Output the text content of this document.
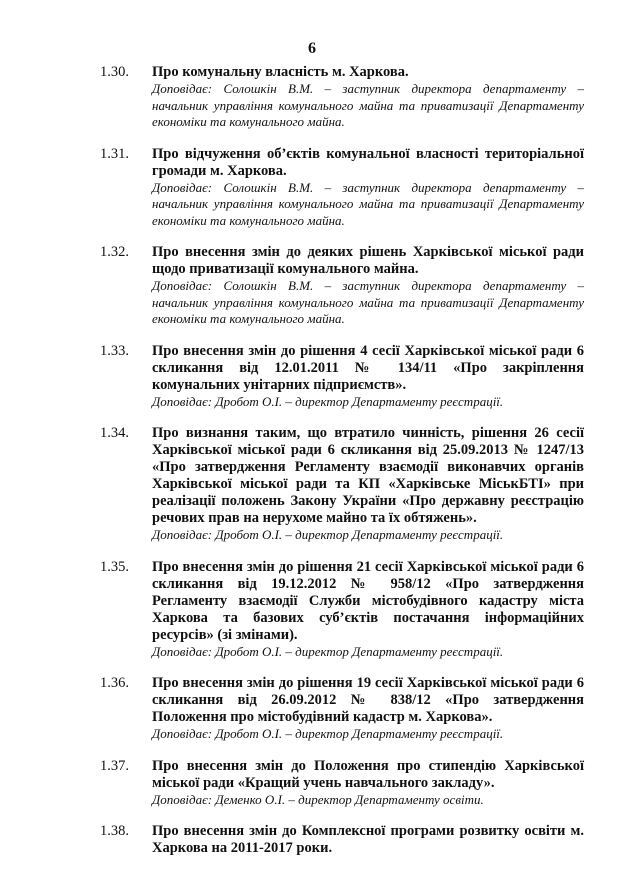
6
1.30. Про комунальну власність м. Харкова.
Доповідає: Солошкін В.М. – заступник директора департаменту – начальник управління комунального майна та приватизації Департаменту економіки та комунального майна.
1.31. Про відчуження об’єктів комунальної власності територіальної громади м. Харкова.
Доповідає: Солошкін В.М. – заступник директора департаменту – начальник управління комунального майна та приватизації Департаменту економіки та комунального майна.
1.32. Про внесення змін до деяких рішень Харківської міської ради щодо приватизації комунального майна.
Доповідає: Солошкін В.М. – заступник директора департаменту – начальник управління комунального майна та приватизації Департаменту економіки та комунального майна.
1.33. Про внесення змін до рішення 4 сесії Харківської міської ради 6 скликання від 12.01.2011 № 134/11 «Про закріплення комунальних унітарних підприємств».
Доповідає: Дробот О.І. – директор Департаменту реєстрації.
1.34. Про визнання таким, що втратило чинність, рішення 26 сесії Харківської міської ради 6 скликання від 25.09.2013 № 1247/13 «Про затвердження Регламенту взаємодії виконавчих органів Харківської міської ради та КП «Харківське МіськБТІ» при реалізації положень Закону України «Про державну реєстрацію речових прав на нерухоме майно та їх обтяжень».
Доповідає: Дробот О.І. – директор Департаменту реєстрації.
1.35. Про внесення змін до рішення 21 сесії Харківської міської ради 6 скликання від 19.12.2012 № 958/12 «Про затвердження Регламенту взаємодії Служби містобудівного кадастру міста Харкова та базових суб’єктів постачання інформаційних ресурсів» (зі змінами).
Доповідає: Дробот О.І. – директор Департаменту реєстрації.
1.36. Про внесення змін до рішення 19 сесії Харківської міської ради 6 скликання від 26.09.2012 № 838/12 «Про затвердження Положення про містобудівний кадастр м. Харкова».
Доповідає: Дробот О.І. – директор Департаменту реєстрації.
1.37. Про внесення змін до Положення про стипендію Харківської міської ради «Кращий учень навчального закладу».
Доповідає: Деменко О.І. – директор Департаменту освіти.
1.38. Про внесення змін до Комплексної програми розвитку освіти м. Харкова на 2011-2017 роки.
